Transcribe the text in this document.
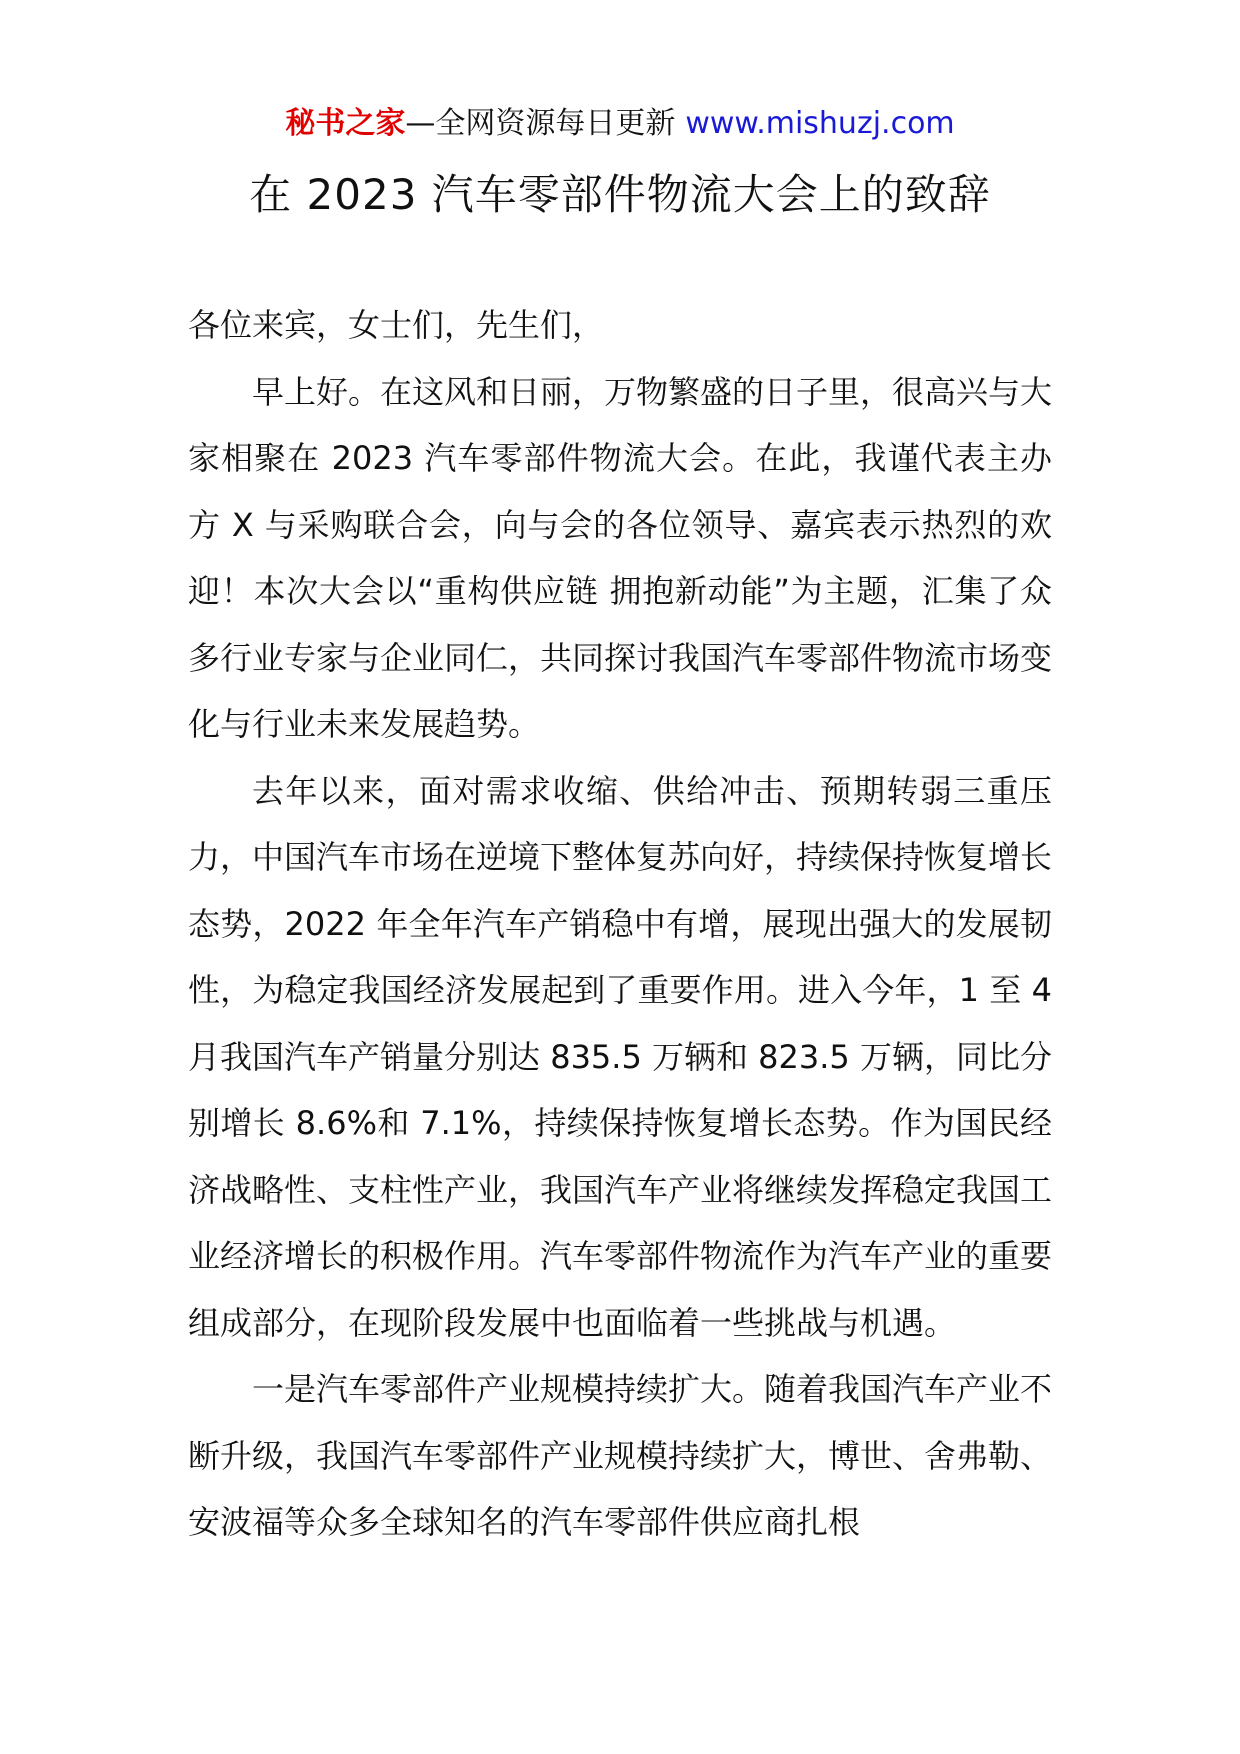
秘书之家—全网资源每日更新 www.mishuzj.com
在 2023 汽车零部件物流大会上的致辞

各位来宾，女士们，先生们，

早上好。在这风和日丽，万物繁盛的日子里，很高兴与大家相聚在 2023 汽车零部件物流大会。在此，我谨代表主办方 X 与采购联合会，向与会的各位领导、嘉宾表示热烈的欢迎！本次大会以“重构供应链 拥抱新动能”为主题，汇集了众多行业专家与企业同仁，共同探讨我国汽车零部件物流市场变化与行业未来发展趋势。

去年以来，面对需求收缩、供给冲击、预期转弱三重压力，中国汽车市场在逆境下整体复苏向好，持续保持恢复增长态势，2022 年全年汽车产销稳中有增，展现出强大的发展韧性，为稳定我国经济发展起到了重要作用。进入今年，1 至 4 月我国汽车产销量分别达 835.5 万辆和 823.5 万辆，同比分别增长 8.6%和 7.1%，持续保持恢复增长态势。作为国民经济战略性、支柱性产业，我国汽车产业将继续发挥稳定我国工业经济增长的积极作用。汽车零部件物流作为汽车产业的重要组成部分，在现阶段发展中也面临着一些挑战与机遇。

一是汽车零部件产业规模持续扩大。随着我国汽车产业不断升级，我国汽车零部件产业规模持续扩大，博世、舍弗勒、安波福等众多全球知名的汽车零部件供应商扎根
